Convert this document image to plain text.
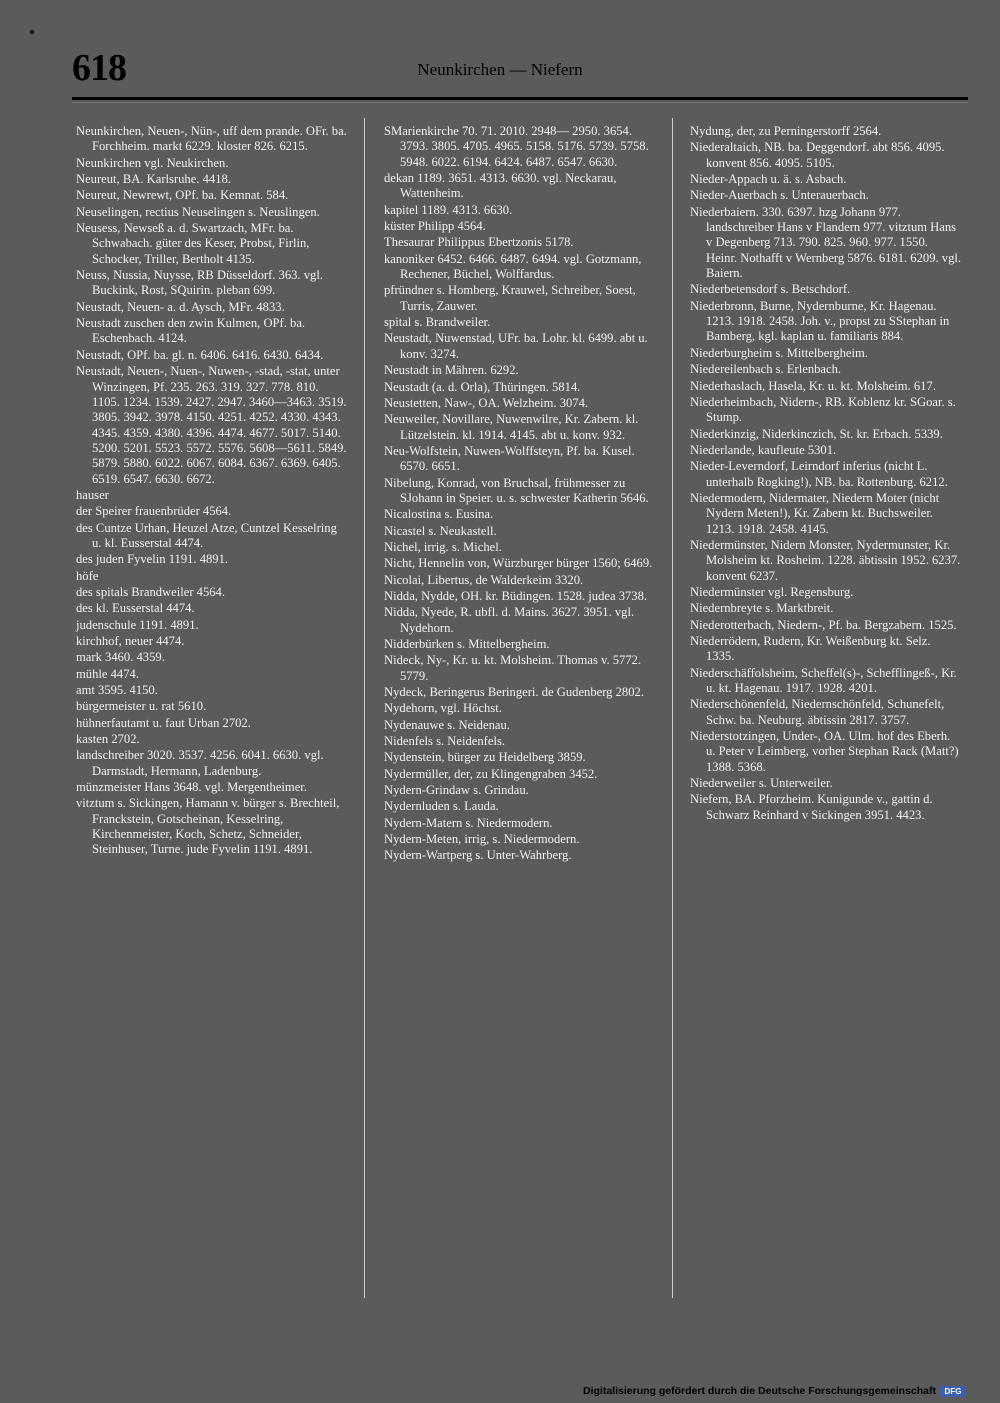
618	Neunkirchen — Niefern
Neunkirchen, Neuen-, Nün-, uff dem prande. OFr. ba. Forchheim. markt 6229. kloster 826. 6215.
Neunkirchen vgl. Neukirchen.
Neureut, BA. Karlsruhe. 4418.
Neureut, Newrewt, OPf. ba. Kemnat. 584.
Neuselingen, rectius Neuselingen s. Neuslingen.
Neusess, Newseß a. d. Swartzach, MFr. ba. Schwabach. güter des Keser, Probst, Firlin, Schocker, Triller, Bertholt 4135.
Neuss, Nussia, Nuysse, RB Düsseldorf. 363. vgl. Buckink, Rost, SQuirin. pleban 699.
Neustadt, Neuen- a. d. Aysch, MFr. 4833.
Neustadt zuschen den zwin Kulmen, OPf. ba. Eschenbach. 4124.
Neustadt, OPf. ba. gl. n. 6406. 6416. 6430. 6434.
Neustadt, Neuen-, Nuen-, Nuwen-, -stad, -stat, unter Winzingen, Pf. 235. 263. 319. 327. 778. 810. 1105. 1234. 1539. 2427. 2947. 3460—3463. 3519. 3805. 3942. 3978. 4150. 4251. 4252. 4330. 4343. 4345. 4359. 4380. 4396. 4474. 4677. 5017. 5140. 5200. 5201. 5523. 5572. 5576. 5608—5611. 5849. 5879. 5880. 6022. 6067. 6084. 6367. 6369. 6405. 6519. 6547. 6630. 6672.
hauser
der Speirer frauenbrüder 4564.
des Cuntze Urhan, Heuzel Atze, Cuntzel Kesselring u. kl. Eusserstal 4474.
des juden Fyvelin 1191. 4891.
höfe
des spitals Brandweiler 4564.
des kl. Eusserstal 4474.
judenschule 1191. 4891.
kirchhof, neuer 4474.
mark 3460. 4359.
mühle 4474.
amt 3595. 4150.
bürgermeister u. rat 5610.
hühnerfautamt u. faut Urban 2702.
kasten 2702.
landschreiber 3020. 3537. 4256. 6041. 6630. vgl. Darmstadt, Hermann, Ladenburg.
münzmeister Hans 3648. vgl. Mergentheimer.
vitztum s. Sickingen, Hamann v. bürger s. Brechteil, Franckstein, Gotscheinan, Kesselring, Kirchenmeister, Koch, Schetz, Schneider, Steinhuser, Turne. jude Fyvelin 1191. 4891.
SMarienkirche 70. 71. 2010. 2948— 2950. 3654. 3793. 3805. 4705. 4965. 5158. 5176. 5739. 5758. 5948. 6022. 6194. 6424. 6487. 6547. 6630.
dekan 1189. 3651. 4313. 6630. vgl. Neckarau, Wattenheim.
kapitel 1189. 4313. 6630.
küster Philipp 4564.
Thesaurar Philippus Ebertzonis 5178.
kanoniker 6452. 6466. 6487. 6494. vgl. Gotzmann, Rechener, Büchel, Wolffardus.
pfründner s. Homberg, Krauwel, Schreiber, Soest, Turris, Zauwer.
spital s. Brandweiler.
Neustadt, Nuwenstad, UFr. ba. Lohr. kl. 6499. abt u. konv. 3274.
Neustadt in Mähren. 6292.
Neustadt (a. d. Orla), Thüringen. 5814.
Neustetten, Naw-, OA. Welzheim. 3074.
Neuweiler, Novillare, Nuwenwilre, Kr. Zabern. kl. Lützelstein. kl. 1914. 4145. abt u. konv. 932.
Neu-Wolfstein, Nuwen-Wolffsteyn, Pf. ba. Kusel. 6570. 6651.
Nibelung, Konrad, von Bruchsal, frühmesser zu SJohann in Speier. u. s. schwester Katherin 5646.
Nicalostina s. Eusina.
Nicastel s. Neukastell.
Nichel, irrig. s. Michel.
Nicht, Hennelin von, Würzburger bürger 1560; 6469.
Nicolai, Libertus, de Walderkeim 3320.
Nidda, Nydde, OH. kr. Büdingen. 1528. judea 3738.
Nidda, Nyede, R. ubfl. d. Mains. 3627. 3951. vgl. Nydehorn.
Nidderbürken s. Mittelbergheim.
Nideck, Ny-, Kr. u. kt. Molsheim. Thomas v. 5772. 5779.
Nydeck, Beringerus Beringeri. de Gudenberg 2802.
Nydehorn, vgl. Höchst.
Nydenauwe s. Neidenau.
Nidenfels s. Neidenfels.
Nydenstein, bürger zu Heidelberg 3859.
Nydermüller, der, zu Klingengraben 3452.
Nydern-Grindaw s. Grindau.
Nydernluden s. Lauda.
Nydern-Matern s. Niedermodern.
Nydern-Meten, irrig, s. Niedermodern.
Nydern-Wartperg s. Unter-Wahrberg.
Nydung, der, zu Perningerstorff 2564.
Niederaltaich, NB. ba. Deggendorf. abt 856. 4095. konvent 856. 4095. 5105.
Nieder-Appach u. ä. s. Asbach.
Nieder-Auerbach s. Unterauerbach.
Niederbaiern. 330. 6397. hzg Johann 977. landschreiber Hans v Flandern 977. vitztum Hans v Degenberg 713. 790. 825. 960. 977. 1550. Heinr. Nothafft v Wernberg 5876. 6181. 6209. vgl. Baiern.
Niederbetensdorf s. Betschdorf.
Niederbronn, Burne, Nydernburne, Kr. Hagenau. 1213. 1918. 2458. Joh. v., propst zu SStephan in Bamberg, kgl. kaplan u. familiaris 884.
Niederburgheim s. Mittelbergheim.
Niedereilenbach s. Erlenbach.
Niederhaslach, Hasela, Kr. u. kt. Molsheim. 617.
Niederheimbach, Nidern-, RB. Koblenz kr. SGoar. s. Stump.
Niederkinzig, Niderkinczich, St. kr. Erbach. 5339.
Niederlande, kaufleute 5301.
Nieder-Leverndorf, Leirndorf inferius (nicht L. unterhalb Rogking!), NB. ba. Rottenburg. 6212.
Niedermodern, Nidermater, Niedern Moter (nicht Nydern Meten!), Kr. Zabern kt. Buchsweiler. 1213. 1918. 2458. 4145.
Niedermünster, Nidern Monster, Nydermunster, Kr. Molsheim kt. Rosheim. 1228. äbtissin 1952. 6237. konvent 6237.
Niedermünster vgl. Regensburg.
Niedernbreyte s. Marktbreit.
Niederotterbach, Niedern-, Pf. ba. Bergzabern. 1525.
Niederrödern, Rudern, Kr. Weißenburg kt. Selz. 1335.
Niederschäffolsheim, Scheffel(s)-, Schefflingeß-, Kr. u. kt. Hagenau. 1917. 1928. 4201.
Niederschönenfeld, Niedernschönfeld, Schunefelt, Schw. ba. Neuburg. äbtissin 2817. 3757.
Niederstotzingen, Under-, OA. Ulm. hof des Eberh. u. Peter v Leimberg, vorher Stephan Rack (Matt?) 1388. 5368.
Niederweiler s. Unterweiler.
Niefern, BA. Pforzheim. Kunigunde v., gattin d. Schwarz Reinhard v Sickingen 3951. 4423.
Digitalisierung gefördert durch die Deutsche Forschungsgemeinschaft	DFG
